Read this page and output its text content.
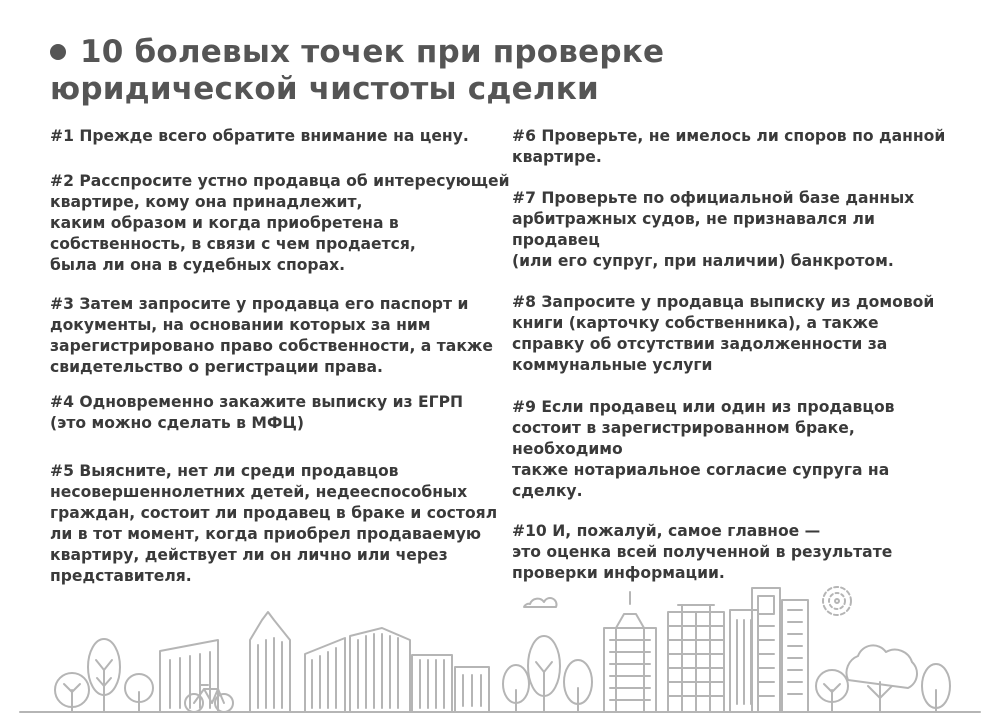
10 болевых точек при проверке
юридической чистоты сделки

#1 Прежде всего обратите внимание на цену.

#2 Расспросите устно продавца об интересующей
квартире, кому она принадлежит,
каким образом и когда приобретена в
собственность, в связи с чем продается,
была ли она в судебных спорах.

#3 Затем запросите у продавца его паспорт и
документы, на основании которых за ним
зарегистрировано право собственности, а также
свидетельство о регистрации права.

#4 Одновременно закажите выписку из ЕГРП
(это можно сделать в МФЦ)

#5 Выясните, нет ли среди продавцов
несовершеннолетних детей, недееспособных
граждан, состоит ли продавец в браке и состоял
ли в тот момент, когда приобрел продаваемую
квартиру, действует ли он лично или через
представителя.

#6 Проверьте, не имелось ли споров по данной
квартире.

#7 Проверьте по официальной базе данных
арбитражных судов, не признавался ли
продавец
(или его супруг, при наличии) банкротом.

#8 Запросите у продавца выписку из домовой
книги (карточку собственника), а также
справку об отсутствии задолженности за
коммунальные услуги

#9 Если продавец или один из продавцов
состоит в зарегистрированном браке,
необходимо
также нотариальное согласие супруга на
сделку.

#10 И, пожалуй, самое главное —
это оценка всей полученной в результате
проверки информации.
